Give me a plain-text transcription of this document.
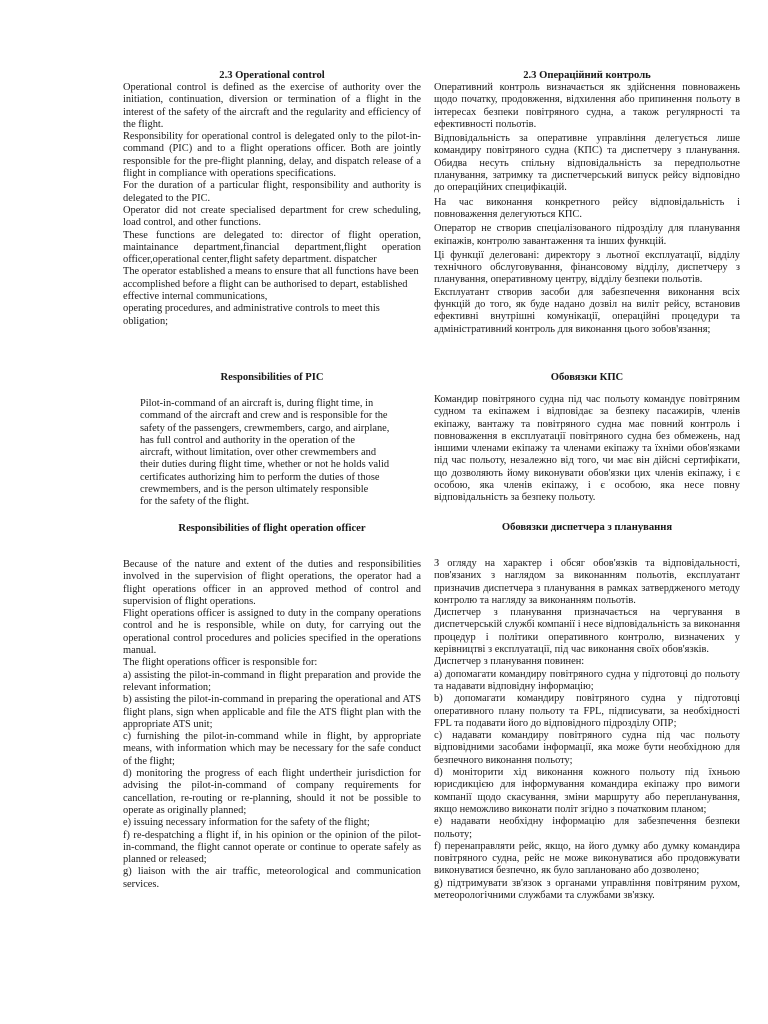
2.3 Operational control

Operational control is defined as the exercise of authority over the initiation, continuation, diversion or termination of a flight in the interest of the safety of the aircraft and the regularity and efficiency of the flight.

Responsibility for operational control is delegated only to the pilot-in-command (PIC) and to a flight operations officer. Both are jointly responsible for the pre-flight planning, delay, and dispatch release of a flight in compliance with operations specifications.

For the duration of a particular flight, responsibility and authority is delegated to the PIC.

Operator did not create specialised department for crew scheduling, load control, and other functions.

These functions are delegated to: director of flight operation, maintainance department,financial department,flight operation officer,operational center,flight safety department. dispatcher

The operator established a means to ensure that all functions have been accomplished before a flight can be authorised to depart, established effective internal communications,

operating procedures, and administrative controls to meet this obligation;

Responsibilities of PIC

Pilot-in-command of an aircraft is, during flight time, in

command of the aircraft and crew and is responsible for the

safety of the passengers, crewmembers, cargo, and airplane,

has full control and authority in the operation of the

aircraft, without limitation, over other crewmembers and

their duties during flight time, whether or not he holds valid

certificates authorizing him to perform the duties of those

crewmembers, and is the person ultimately responsible

for the safety of the flight.

Responsibilities of flight operation officer

Because of the nature and extent of the duties and responsibilities involved in the supervision of flight operations, the operator had a flight operations officer in an approved method of control and supervision of flight operations.

Flight operations officer is assigned to duty in the company operations control and he is responsible, while on duty, for carrying out the operational control procedures and policies specified in the operations manual.

The flight operations officer is responsible for:

a) assisting the pilot-in-command in flight preparation and provide the relevant information;

b) assisting the pilot-in-command in preparing the operational and ATS flight plans, sign when applicable and file the ATS flight plan with the appropriate ATS unit;

c) furnishing the pilot-in-command while in flight, by appropriate means, with information which may be necessary for the safe conduct of the flight;

d) monitoring the progress of each flight undertheir jurisdiction for advising the pilot-in-command of company requirements for cancellation, re-routing or re-planning, should it not be possible to operate as originally planned;

e) issuing necessary information for the safety of the flight;

f) re-despatching a flight if, in his opinion or the opinion of the pilot-in-command, the flight cannot operate or continue to operate safely as planned or released;

g) liaison with the air traffic, meteorological and communication services.

2.3 Операційний контроль

Оперативний контроль визначається як здійснення повноважень щодо початку, продовження, відхилення або припинення польоту в інтересах безпеки повітряного судна, а також регулярності та ефективності польотів.

Відповідальність за оперативне управління делегується лише командиру повітряного судна (КПС) та диспетчеру з планування. Обидва несуть спільну відповідальність за передпольотне планування, затримку та диспетчерський випуск рейсу відповідно до операційних специфікацій.

На час виконання конкретного рейсу відповідальність і повноваження делегуються КПС.

Оператор не створив спеціалізованого підрозділу для планування екіпажів, контролю завантаження та інших функцій.

Ці функції делеговані: директору з льотної експлуатації, відділу технічного обслуговування, фінансовому відділу, диспетчеру з планування, оперативному центру, відділу безпеки польотів.

Експлуатант створив засоби для забезпечення виконання всіх функцій до того, як буде надано дозвіл на виліт рейсу, встановив ефективні внутрішні комунікації, операційні процедури та адміністративний контроль для виконання цього зобов'язання;

Обовязки КПС

Командир повітряного судна під час польоту командує повітряним судном та екіпажем і відповідає за безпеку пасажирів, членів екіпажу, вантажу та повітряного судна має повний контроль і повноваження в експлуатації повітряного судна без обмежень, над іншими членами екіпажу та членами екіпажу та їхніми обов'язками під час польоту, незалежно від того, чи має він дійсні сертифікати, що дозволяють йому виконувати обов'язки цих членів екіпажу, і є особою, яка членів екіпажу, і є особою, яка несе повну відповідальність за безпеку польоту.

Обовязки диспетчера з планування

З огляду на характер і обсяг обов'язків та відповідальності, пов'язаних з наглядом за виконанням польотів, експлуатант призначив диспетчера з планування в рамках затвердженого методу контролю та нагляду за виконанням польотів.

Диспетчер з планування призначається на чергування в диспетчерській службі компанії і несе відповідальність за виконання процедур і політики оперативного контролю, визначених у керівництві з експлуатації, під час виконання своїх обов'язків.

Диспетчер з планування повинен:

а) допомагати командиру повітряного судна у підготовці до польоту та надавати відповідну інформацію;

b) допомагати командиру повітряного судна у підготовці оперативного плану польоту та FPL, підписувати, за необхідності FPL та подавати його до відповідного підрозділу ОПР;

c) надавати командиру повітряного судна під час польоту відповідними засобами інформації, яка може бути необхідною для безпечного виконання польоту;

d) моніторити хід виконання кожного польоту під їхньою юрисдикцією для інформування командира екіпажу про вимоги компанії щодо скасування, зміни маршруту або перепланування, якщо неможливо виконати політ згідно з початковим планом;

e) надавати необхідну інформацію для забезпечення безпеки польоту;

f) перенаправляти рейс, якщо, на його думку або думку командира повітряного судна, рейс не може виконуватися або продовжувати виконуватися безпечно, як було заплановано або дозволено;

g) підтримувати зв'язок з органами управління повітряним рухом, метеорологічними службами та службами зв'язку.
